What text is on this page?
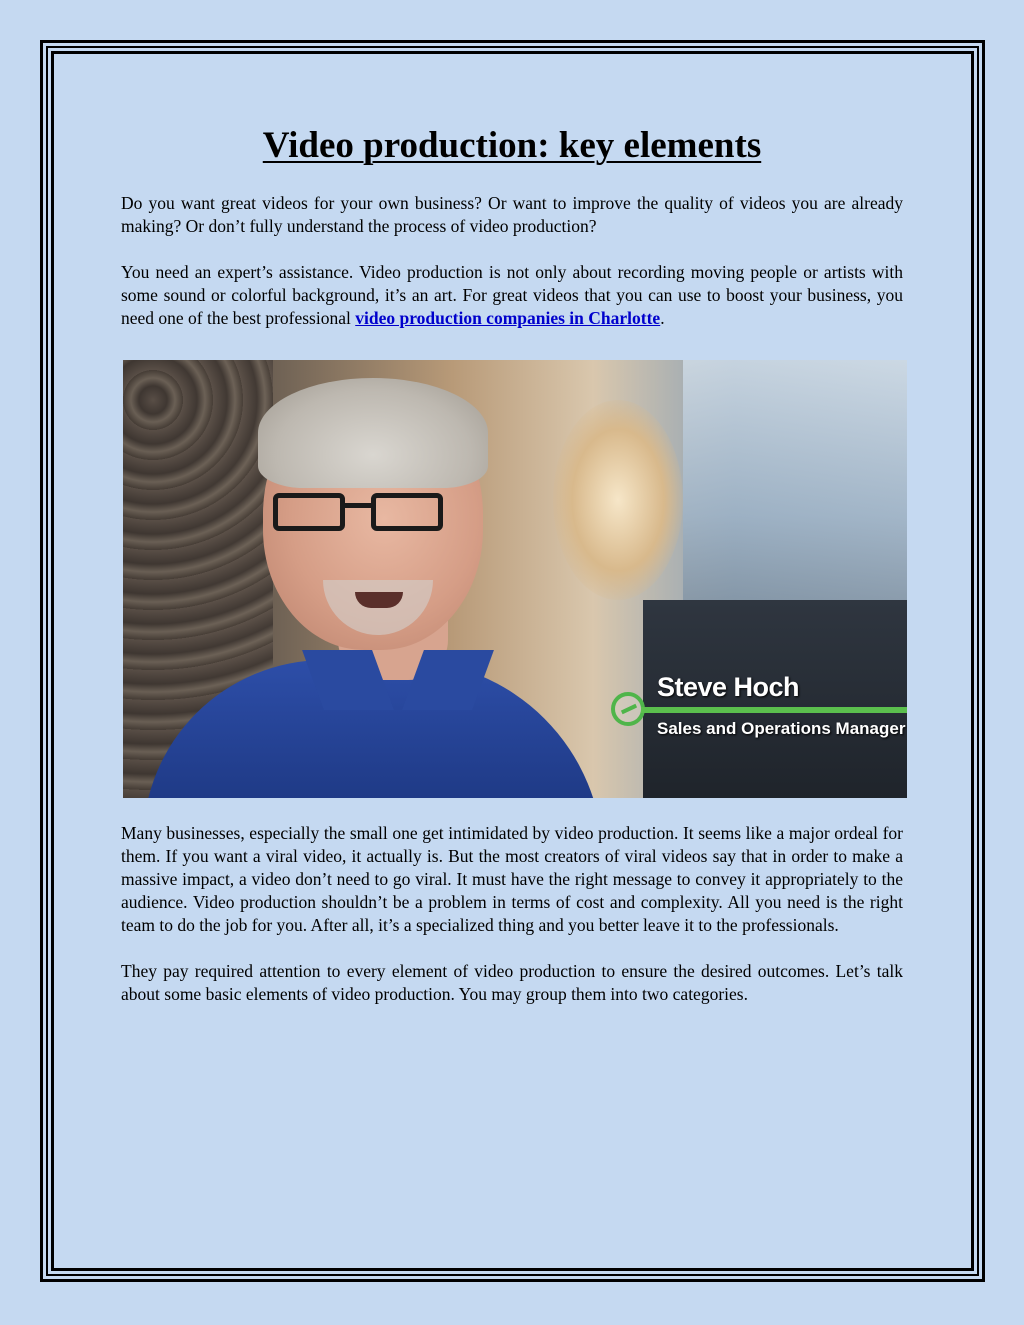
Video production: key elements

Do you want great videos for your own business? Or want to improve the quality of videos you are already making? Or don’t fully understand the process of video production?

You need an expert’s assistance. Video production is not only about recording moving people or artists with some sound or colorful background, it’s an art. For great videos that you can use to boost your business, you need one of the best professional video production companies in Charlotte.

Steve Hoch
Sales and Operations Manager

Many businesses, especially the small one get intimidated by video production. It seems like a major ordeal for them. If you want a viral video, it actually is. But the most creators of viral videos say that in order to make a massive impact, a video don’t need to go viral. It must have the right message to convey it appropriately to the audience. Video production shouldn’t be a problem in terms of cost and complexity. All you need is the right team to do the job for you. After all, it’s a specialized thing and you better leave it to the professionals.

They pay required attention to every element of video production to ensure the desired outcomes. Let’s talk about some basic elements of video production. You may group them into two categories.
